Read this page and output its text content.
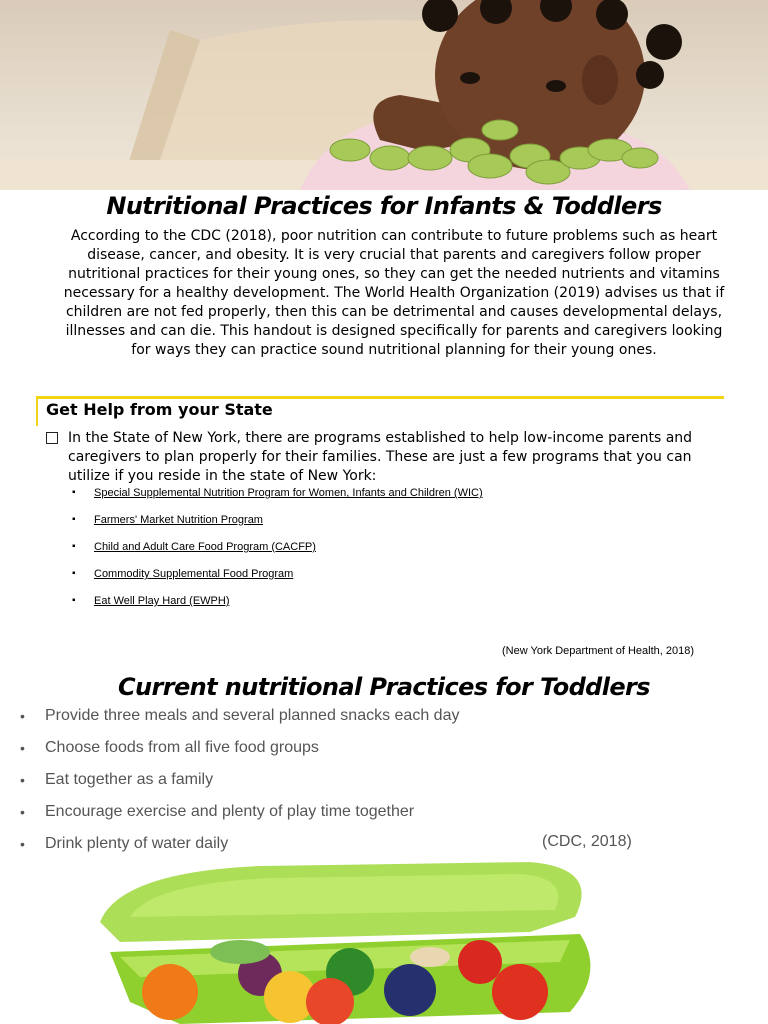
Nutritional Practices for Infants & Toddlers

According to the CDC (2018), poor nutrition can contribute to future problems such as heart disease, cancer, and obesity. It is very crucial that parents and caregivers follow proper nutritional practices for their young ones, so they can get the needed nutrients and vitamins necessary for a healthy development. The World Health Organization (2019) advises us that if children are not fed properly, then this can be detrimental and causes developmental delays, illnesses and can die. This handout is designed specifically for parents and caregivers looking for ways they can practice sound nutritional planning for their young ones.

Get Help from your State

In the State of New York, there are programs established to help low-income parents and caregivers to plan properly for their families. These are just a few programs that you can utilize if you reside in the state of New York:

▪ Special Supplemental Nutrition Program for Women, Infants and Children (WIC)
▪ Farmers' Market Nutrition Program
▪ Child and Adult Care Food Program (CACFP)
▪ Commodity Supplemental Food Program
▪ Eat Well Play Hard (EWPH)

(New York Department of Health, 2018)

Current nutritional Practices for Toddlers
• Provide three meals and several planned snacks each day
• Choose foods from all five food groups
• Eat together as a family
• Encourage exercise and plenty of play time together
• Drink plenty of water daily	(CDC, 2018)
